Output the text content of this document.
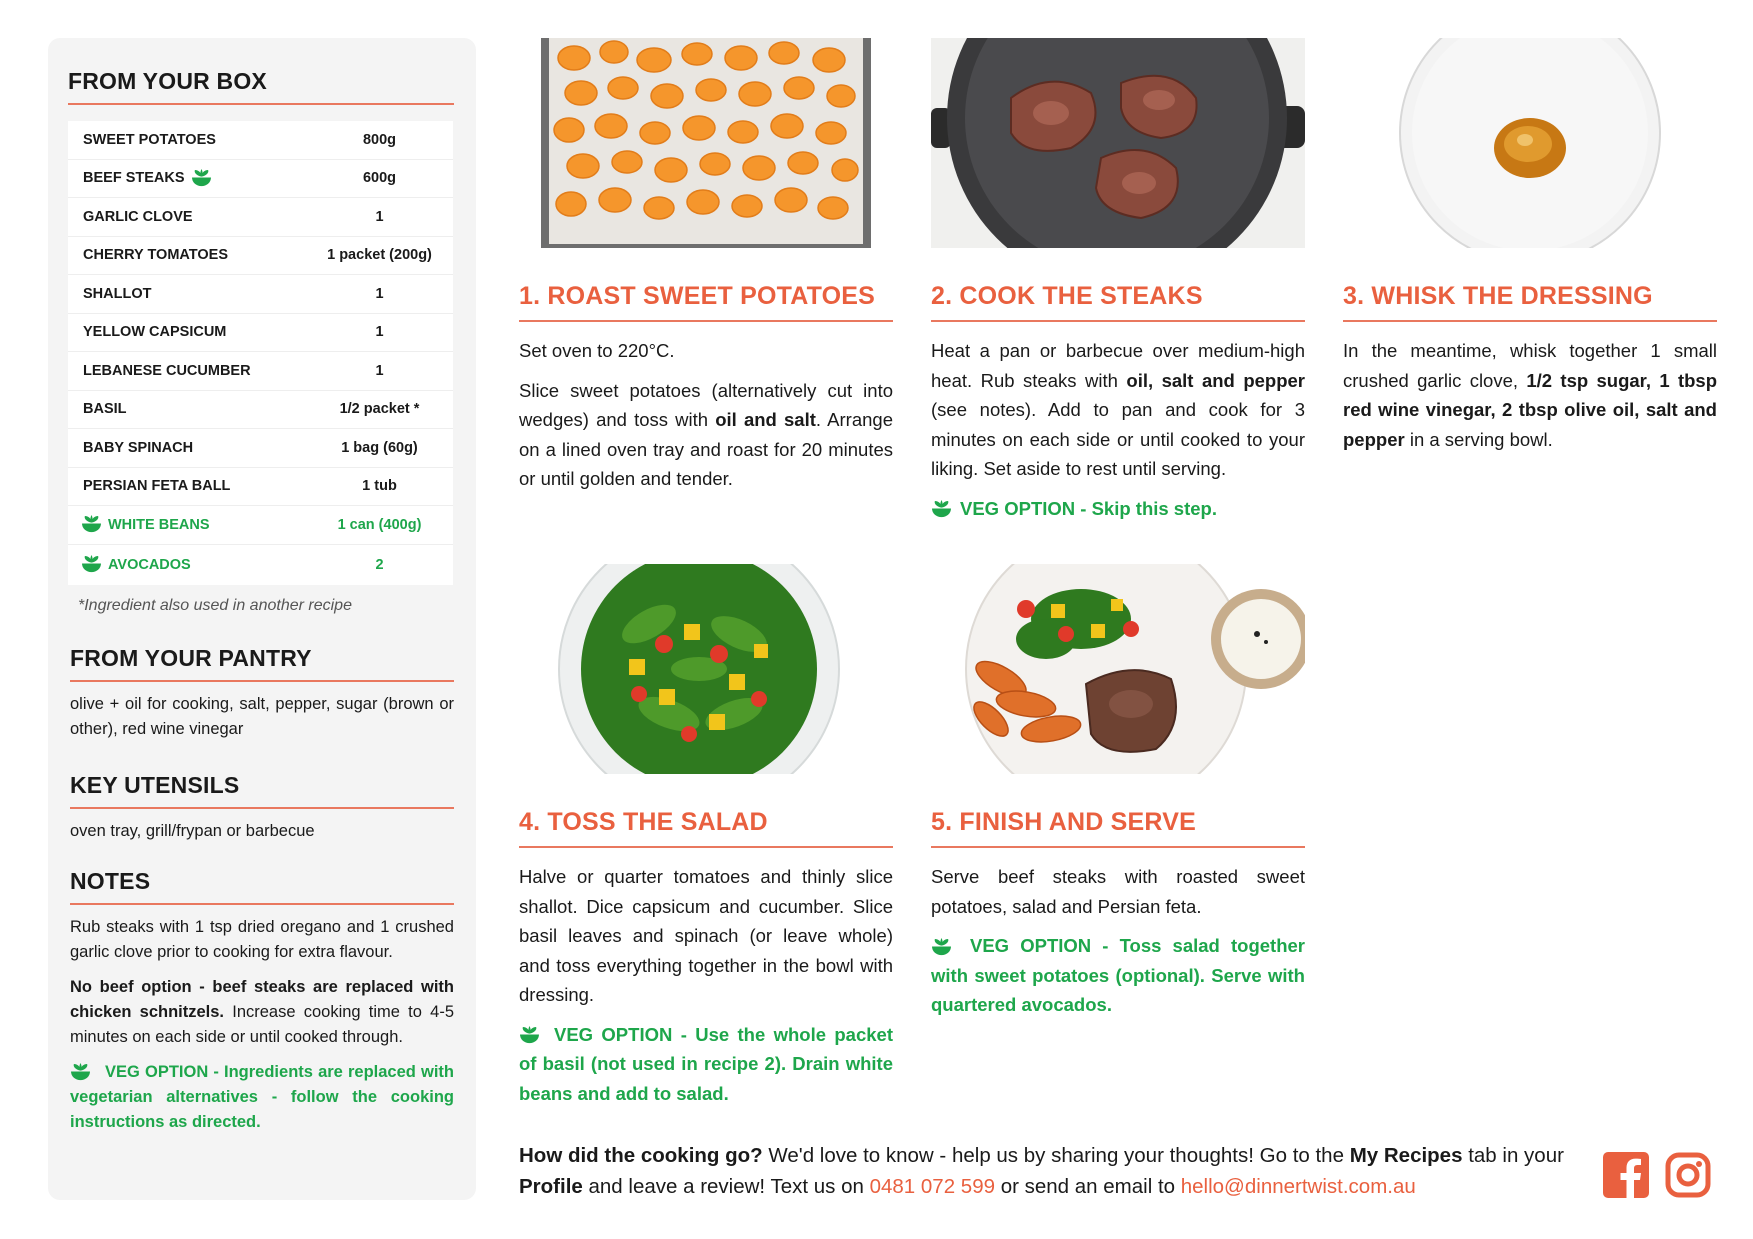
FROM YOUR BOX
SWEET POTATOES	800g
BEEF STEAKS	600g
GARLIC CLOVE	1
CHERRY TOMATOES	1 packet (200g)
SHALLOT	1
YELLOW CAPSICUM	1
LEBANESE CUCUMBER	1
BASIL	1/2 packet *
BABY SPINACH	1 bag (60g)
PERSIAN FETA BALL	1 tub
WHITE BEANS	1 can (400g)
AVOCADOS	2
*Ingredient also used in another recipe
FROM YOUR PANTRY
olive + oil for cooking, salt, pepper, sugar (brown or other), red wine vinegar
KEY UTENSILS
oven tray, grill/frypan or barbecue
NOTES
Rub steaks with 1 tsp dried oregano and 1 crushed garlic clove prior to cooking for extra flavour.
No beef option - beef steaks are replaced with chicken schnitzels. Increase cooking time to 4-5 minutes on each side or until cooked through.
VEG OPTION - Ingredients are replaced with vegetarian alternatives - follow the cooking instructions as directed.
1. ROAST SWEET POTATOES
Set oven to 220°C.
Slice sweet potatoes (alternatively cut into wedges) and toss with oil and salt. Arrange on a lined oven tray and roast for 20 minutes or until golden and tender.
2. COOK THE STEAKS
Heat a pan or barbecue over medium-high heat. Rub steaks with oil, salt and pepper (see notes). Add to pan and cook for 3 minutes on each side or until cooked to your liking. Set aside to rest until serving.
VEG OPTION - Skip this step.
3. WHISK THE DRESSING
In the meantime, whisk together 1 small crushed garlic clove, 1/2 tsp sugar, 1 tbsp red wine vinegar, 2 tbsp olive oil, salt and pepper in a serving bowl.
4. TOSS THE SALAD
Halve or quarter tomatoes and thinly slice shallot. Dice capsicum and cucumber. Slice basil leaves and spinach (or leave whole) and toss everything together in the bowl with dressing.
VEG OPTION - Use the whole packet of basil (not used in recipe 2). Drain white beans and add to salad.
5. FINISH AND SERVE
Serve beef steaks with roasted sweet potatoes, salad and Persian feta.
VEG OPTION - Toss salad together with sweet potatoes (optional). Serve with quartered avocados.
How did the cooking go? We'd love to know - help us by sharing your thoughts! Go to the My Recipes tab in your Profile and leave a review! Text us on 0481 072 599 or send an email to hello@dinnertwist.com.au
